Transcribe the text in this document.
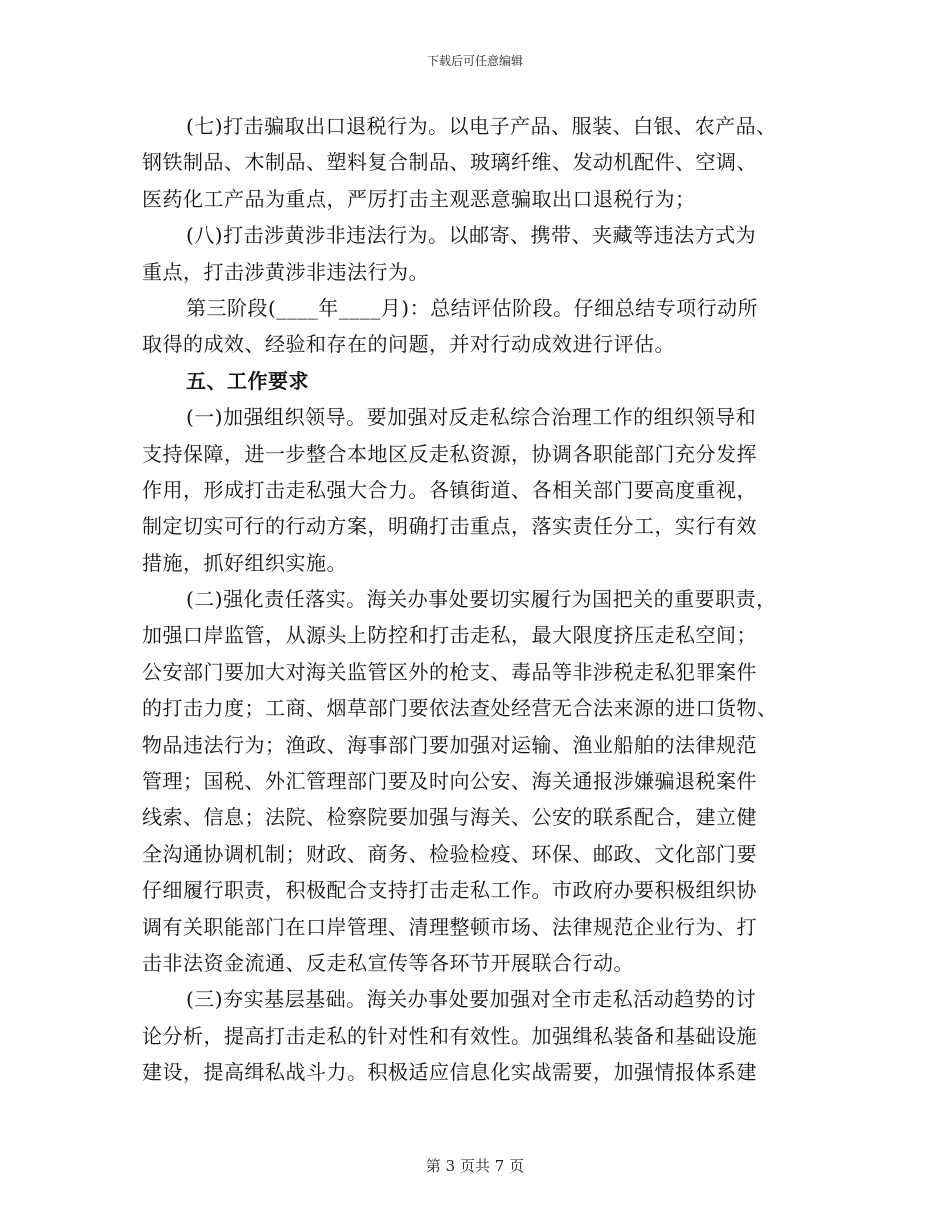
下载后可任意编辑
(七)打击骗取出口退税行为。以电子产品、服装、白银、农产品、
钢铁制品、木制品、塑料复合制品、玻璃纤维、发动机配件、空调、
医药化工产品为重点，严厉打击主观恶意骗取出口退税行为；
(八)打击涉黄涉非违法行为。以邮寄、携带、夹藏等违法方式为
重点，打击涉黄涉非违法行为。
第三阶段(____年____月)：总结评估阶段。仔细总结专项行动所
取得的成效、经验和存在的问题，并对行动成效进行评估。
五、工作要求
(一)加强组织领导。要加强对反走私综合治理工作的组织领导和
支持保障，进一步整合本地区反走私资源，协调各职能部门充分发挥
作用，形成打击走私强大合力。各镇街道、各相关部门要高度重视，
制定切实可行的行动方案，明确打击重点，落实责任分工，实行有效
措施，抓好组织实施。
(二)强化责任落实。海关办事处要切实履行为国把关的重要职责，
加强口岸监管，从源头上防控和打击走私，最大限度挤压走私空间；
公安部门要加大对海关监管区外的枪支、毒品等非涉税走私犯罪案件
的打击力度；工商、烟草部门要依法查处经营无合法来源的进口货物、
物品违法行为；渔政、海事部门要加强对运输、渔业船舶的法律规范
管理；国税、外汇管理部门要及时向公安、海关通报涉嫌骗退税案件
线索、信息；法院、检察院要加强与海关、公安的联系配合，建立健
全沟通协调机制；财政、商务、检验检疫、环保、邮政、文化部门要
仔细履行职责，积极配合支持打击走私工作。市政府办要积极组织协
调有关职能部门在口岸管理、清理整顿市场、法律规范企业行为、打
击非法资金流通、反走私宣传等各环节开展联合行动。
(三)夯实基层基础。海关办事处要加强对全市走私活动趋势的讨
论分析，提高打击走私的针对性和有效性。加强缉私装备和基础设施
建设，提高缉私战斗力。积极适应信息化实战需要，加强情报体系建
第 3 页共 7 页
